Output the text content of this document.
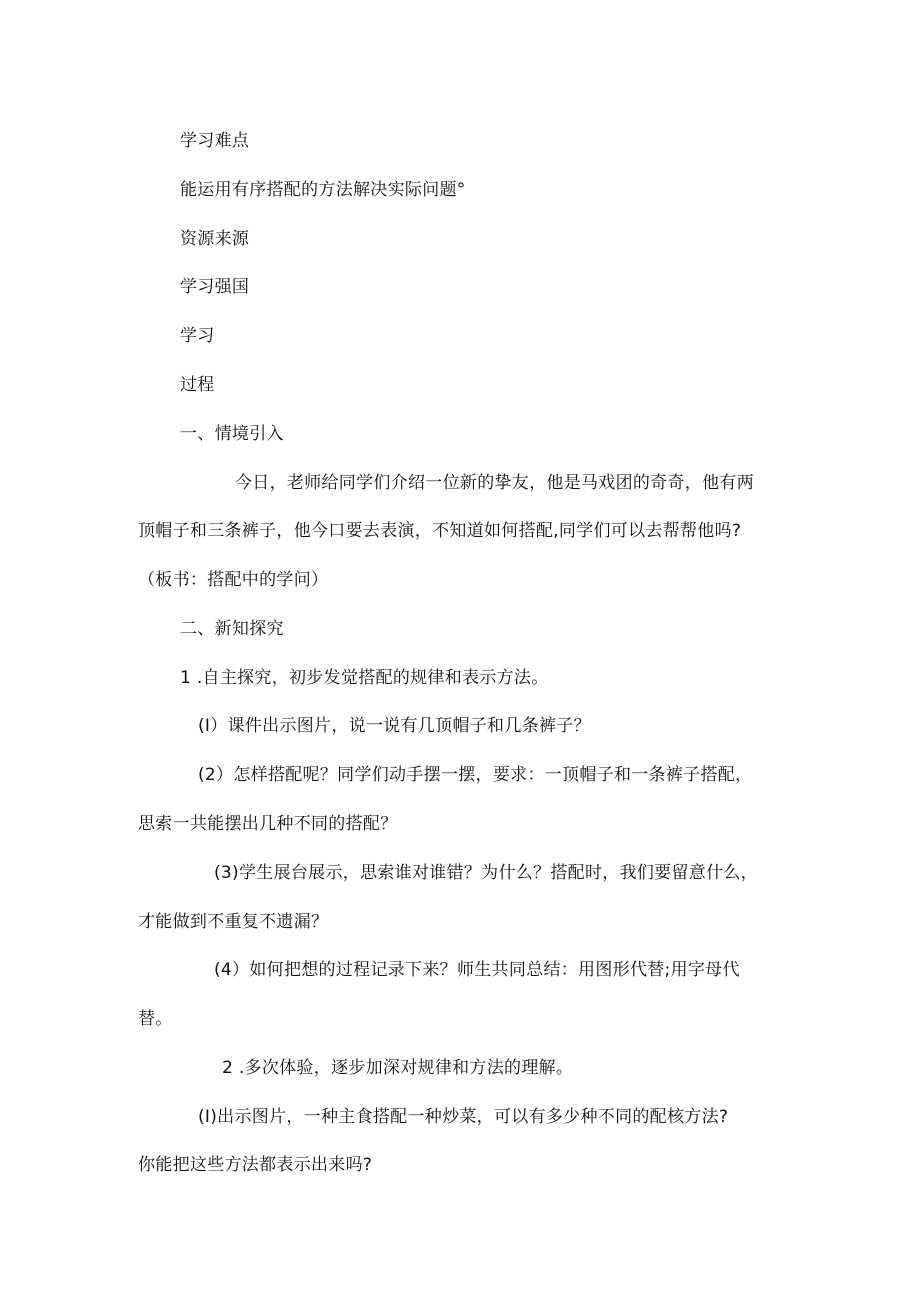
学习难点
能运用有序搭配的方法解决实际问题°
资源来源
学习强国
学习
过程
一、情境引入
今日，老师给同学们介绍一位新的挚友，他是马戏团的奇奇，他有两
顶帽子和三条裤子，他今口要去表演，不知道如何搭配,同学们可以去帮帮他吗?
（板书：搭配中的学问）
二、新知探究
1 .自主探究，初步发觉搭配的规律和表示方法。
(I）课件出示图片，说一说有几顶帽子和几条裤子？
(2）怎样搭配呢？同学们动手摆一摆，要求：一顶帽子和一条裤子搭配，
思索一共能摆出几种不同的搭配？
(3)学生展台展示，思索谁对谁错？为什么？搭配时，我们要留意什么，
才能做到不重复不遗漏？
(4）如何把想的过程记录下来？师生共同总结：用图形代替;用字母代
替。
2 .多次体验，逐步加深对规律和方法的理解。
(I)出示图片，一种主食搭配一种炒菜，可以有多少种不同的配核方法?
你能把这些方法都表示出来吗?
